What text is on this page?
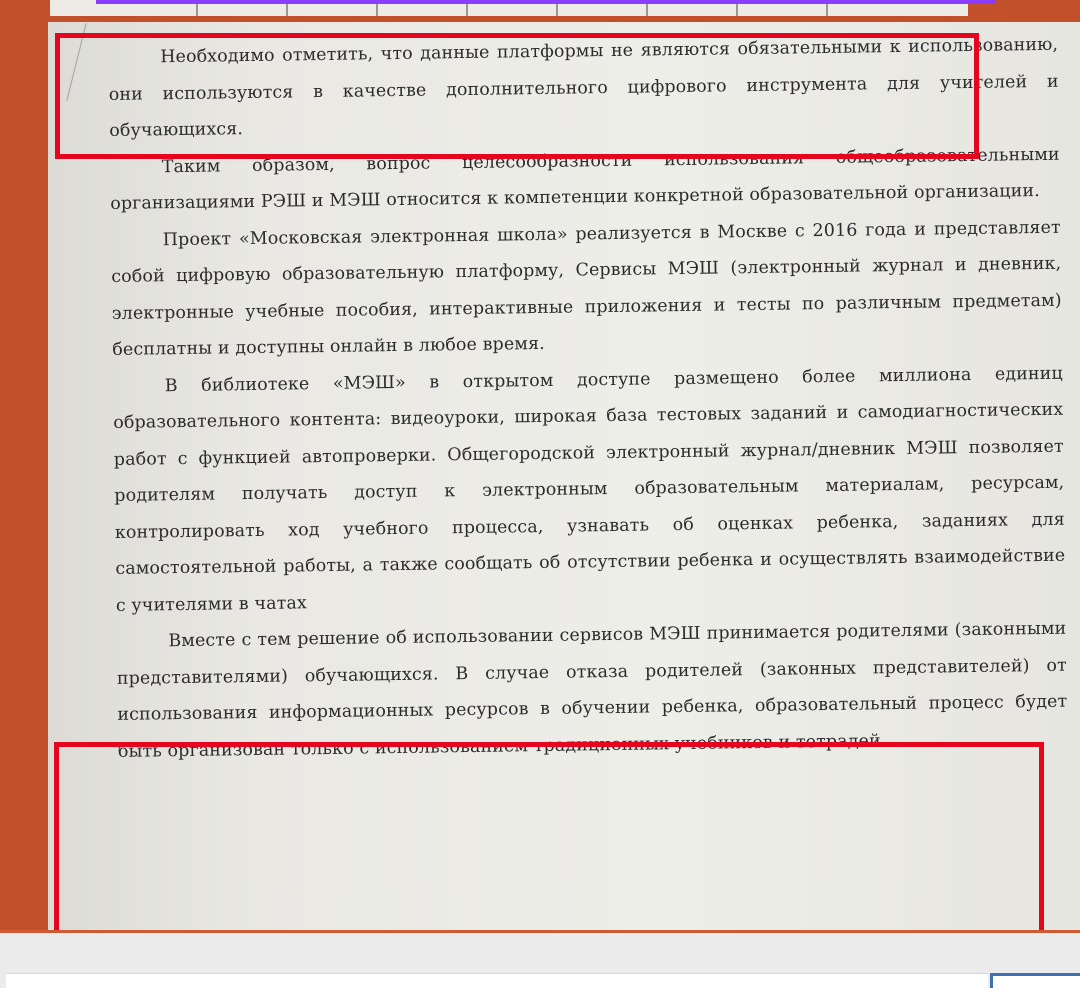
Необходимо отметить, что данные платформы не являются обязательными к использованию, они используются в качестве дополнительного цифрового инструмента для учителей и обучающихся.

Таким образом, вопрос целесообразности использования общеобразовательными организациями РЭШ и МЭШ относится к компетенции конкретной образовательной организации.

Проект «Московская электронная школа» реализуется в Москве с 2016 года и представляет собой цифровую образовательную платформу, Сервисы МЭШ (электронный журнал и дневник, электронные учебные пособия, интерактивные приложения и тесты по различным предметам) бесплатны и доступны онлайн в любое время.

В библиотеке «МЭШ» в открытом доступе размещено более миллиона единиц образовательного контента: видеоуроки, широкая база тестовых заданий и самодиагностических работ с функцией автопроверки. Общегородской электронный журнал/дневник МЭШ позволяет родителям получать доступ к электронным образовательным материалам, ресурсам, контролировать ход учебного процесса, узнавать об оценках ребенка, заданиях для самостоятельной работы, а также сообщать об отсутствии ребенка и осуществлять взаимодействие с учителями в чатах

Вместе с тем решение об использовании сервисов МЭШ принимается родителями (законными представителями) обучающихся. В случае отказа родителей (законных представителей) от использования информационных ресурсов в обучении ребенка, образовательный процесс будет быть организован только с использованием традиционных учебников и тетрадей.
